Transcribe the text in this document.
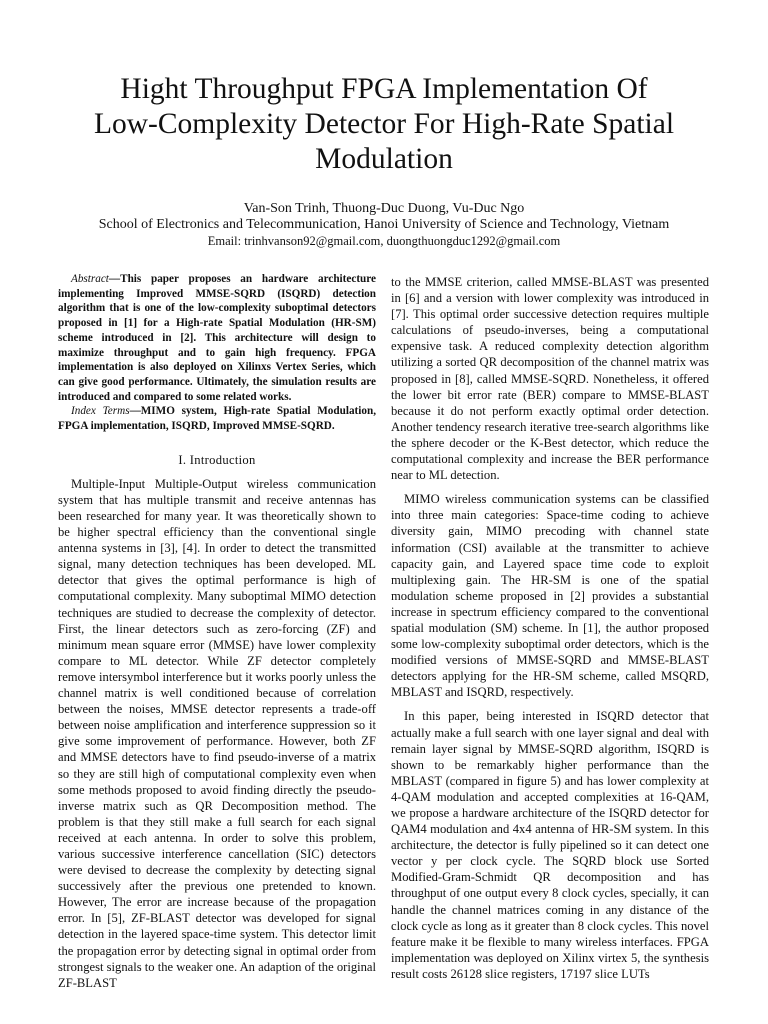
Hight Throughput FPGA Implementation Of
Low-Complexity Detector For High-Rate Spatial
Modulation
Van-Son Trinh, Thuong-Duc Duong, Vu-Duc Ngo
School of Electronics and Telecommunication, Hanoi University of Science and Technology, Vietnam
Email: trinhvanson92@gmail.com, duongthuongduc1292@gmail.com

Abstract—This paper proposes an hardware architecture implementing Improved MMSE-SQRD (ISQRD) detection algorithm that is one of the low-complexity suboptimal detectors proposed in [1] for a High-rate Spatial Modulation (HR-SM) scheme introduced in [2]. This architecture will design to maximize throughput and to gain high frequency. FPGA implementation is also deployed on Xilinxs Vertex Series, which can give good performance. Ultimately, the simulation results are introduced and compared to some related works.

Index Terms—MIMO system, High-rate Spatial Modulation, FPGA implementation, ISQRD, Improved MMSE-SQRD.

I. Introduction

Multiple-Input Multiple-Output wireless communication system that has multiple transmit and receive antennas has been researched for many year. It was theoretically shown to be higher spectral efficiency than the conventional single antenna systems in [3], [4]. In order to detect the transmitted signal, many detection techniques has been developed. ML detector that gives the optimal performance is high of computational complexity. Many suboptimal MIMO detection techniques are studied to decrease the complexity of detector. First, the linear detectors such as zero-forcing (ZF) and minimum mean square error (MMSE) have lower complexity compare to ML detector. While ZF detector completely remove intersymbol interference but it works poorly unless the channel matrix is well conditioned because of correlation between the noises, MMSE detector represents a trade-off between noise amplification and interference suppression so it give some improvement of performance. However, both ZF and MMSE detectors have to find pseudo-inverse of a matrix so they are still high of computational complexity even when some methods proposed to avoid finding directly the pseudo-inverse matrix such as QR Decomposition method. The problem is that they still make a full search for each signal received at each antenna. In order to solve this problem, various successive interference cancellation (SIC) detectors were devised to decrease the complexity by detecting signal successively after the previous one pretended to known. However, The error are increase because of the propagation error. In [5], ZF-BLAST detector was developed for signal detection in the layered space-time system. This detector limit the propagation error by detecting signal in optimal order from strongest signals to the weaker one. An adaption of the original ZF-BLAST

to the MMSE criterion, called MMSE-BLAST was presented in [6] and a version with lower complexity was introduced in [7]. This optimal order successive detection requires multiple calculations of pseudo-inverses, being a computational expensive task. A reduced complexity detection algorithm utilizing a sorted QR decomposition of the channel matrix was proposed in [8], called MMSE-SQRD. Nonetheless, it offered the lower bit error rate (BER) compare to MMSE-BLAST because it do not perform exactly optimal order detection. Another tendency research iterative tree-search algorithms like the sphere decoder or the K-Best detector, which reduce the computational complexity and increase the BER performance near to ML detection.

MIMO wireless communication systems can be classified into three main categories: Space-time coding to achieve diversity gain, MIMO precoding with channel state information (CSI) available at the transmitter to achieve capacity gain, and Layered space time code to exploit multiplexing gain. The HR-SM is one of the spatial modulation scheme proposed in [2] provides a substantial increase in spectrum efficiency compared to the conventional spatial modulation (SM) scheme. In [1], the author proposed some low-complexity suboptimal order detectors, which is the modified versions of MMSE-SQRD and MMSE-BLAST detectors applying for the HR-SM scheme, called MSQRD, MBLAST and ISQRD, respectively.

In this paper, being interested in ISQRD detector that actually make a full search with one layer signal and deal with remain layer signal by MMSE-SQRD algorithm, ISQRD is shown to be remarkably higher performance than the MBLAST (compared in figure 5) and has lower complexity at 4-QAM modulation and accepted complexities at 16-QAM, we propose a hardware architecture of the ISQRD detector for QAM4 modulation and 4x4 antenna of HR-SM system. In this architecture, the detector is fully pipelined so it can detect one vector y per clock cycle. The SQRD block use Sorted Modified-Gram-Schmidt QR decomposition and has throughput of one output every 8 clock cycles, specially, it can handle the channel matrices coming in any distance of the clock cycle as long as it greater than 8 clock cycles. This novel feature make it be flexible to many wireless interfaces. FPGA implementation was deployed on Xilinx virtex 5, the synthesis result costs 26128 slice registers, 17197 slice LUTs
